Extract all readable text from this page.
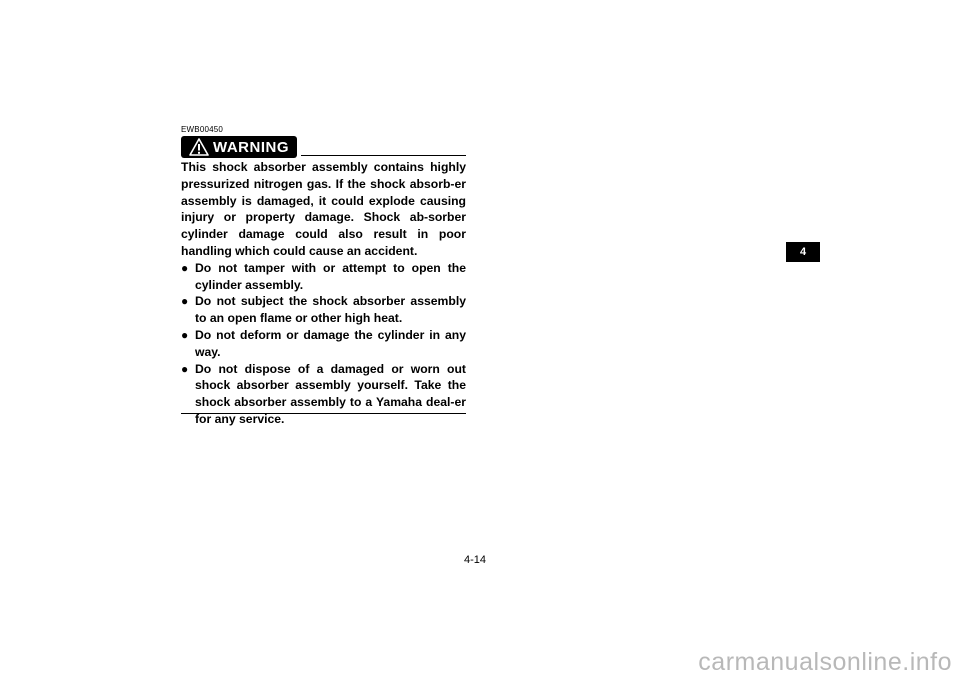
EWB00450
WARNING

This shock absorber assembly contains highly pressurized nitrogen gas. If the shock absorb-er assembly is damaged, it could explode causing injury or property damage. Shock ab-sorber cylinder damage could also result in poor handling which could cause an accident.

● Do not tamper with or attempt to open the cylinder assembly.
● Do not subject the shock absorber assembly to an open flame or other high heat.
● Do not deform or damage the cylinder in any way.
● Do not dispose of a damaged or worn out shock absorber assembly yourself. Take the shock absorber assembly to a Yamaha deal-er for any service.
4
4-14
carmanualsonline.info
